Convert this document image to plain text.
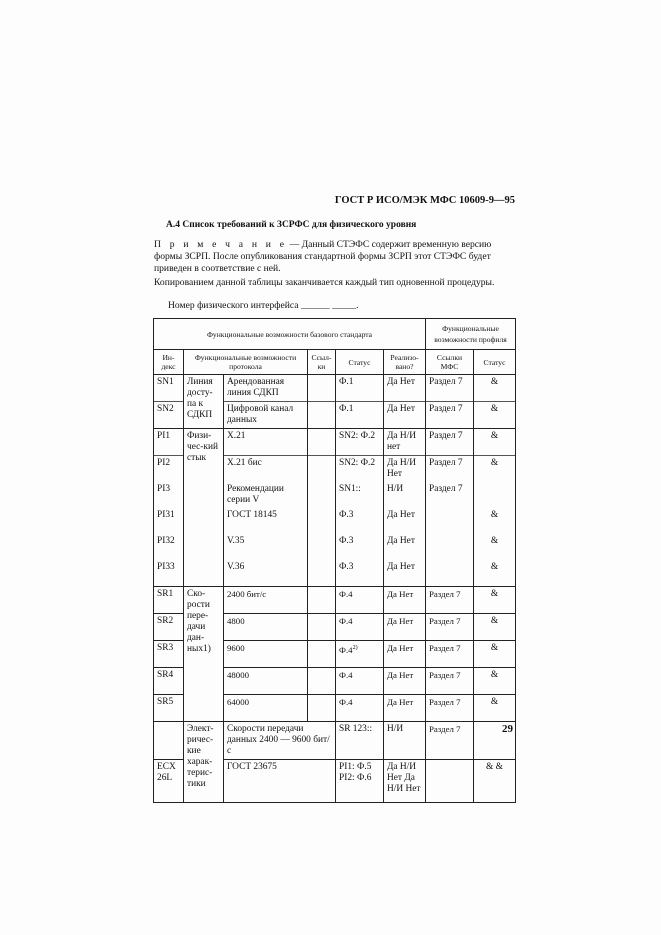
ГОСТ Р ИСО/МЭК МФС 10609-9—95
А.4 Список требований к ЗСРФС для физического уровня
П р и м е ч а н и е — Данный СТЭФС содержит временную версию формы ЗСРП. После опубликования стандартной формы ЗСРП этот СТЭФС будет приведен в соответствие с ней.
Копированием данной таблицы заканчивается каждый тип одновенной процедуры.
Номер физического интерфейса ______ _____.
Функциональные возможности базового стандарта						Функциональные возможности профиля	
Ин-декс	Функциональные возможности протокола		Ссыл-ки	Статус	Реализо-вано?	Ссылки МФС	Статус
SN1	Линия досту-па к СДКП	Арендованная линия СДКП		Ф.1	Да Нет	Раздел 7	&
SN2		Цифровой канал данных		Ф.1	Да Нет	Раздел 7	&
PI1	Физи-чес-кий стык	X.21		SN2: Ф.2	Да Н/И нет	Раздел 7	&
PI2		X.21 бис		SN2: Ф.2	Да Н/И Нет	Раздел 7	&
PI3		Рекомендации серии V		SN1::	Н/И	Раздел 7	
PI31		ГОСТ 18145		Ф.3	Да Нет		&
PI32		V.35		Ф.3	Да Нет		&
PI33		V.36		Ф.3	Да Нет		&
SR1	Ско-рости пере-дачи дан-ных1)	2400 бит/с		Ф.4	Да Нет	Раздел 7	&
SR2		4800		Ф.4	Да Нет	Раздел 7	&
SR3		9600		Ф.4$^{2)}$	Да Нет	Раздел 7	&
SR4		48000		Ф.4	Да Нет	Раздел 7	&
SR5		64000		Ф.4	Да Нет	Раздел 7	&
	Элект-ричес-кие харак-терис-тики	Скорости передачи данных 2400 — 9600 бит/с		SR 123::	Н/И	Раздел 7	
ECX 26L		ГОСТ 23675		PI1: Ф.5 PI2: Ф.6	Да Н/И Нет Да Н/И Нет		& &
29
